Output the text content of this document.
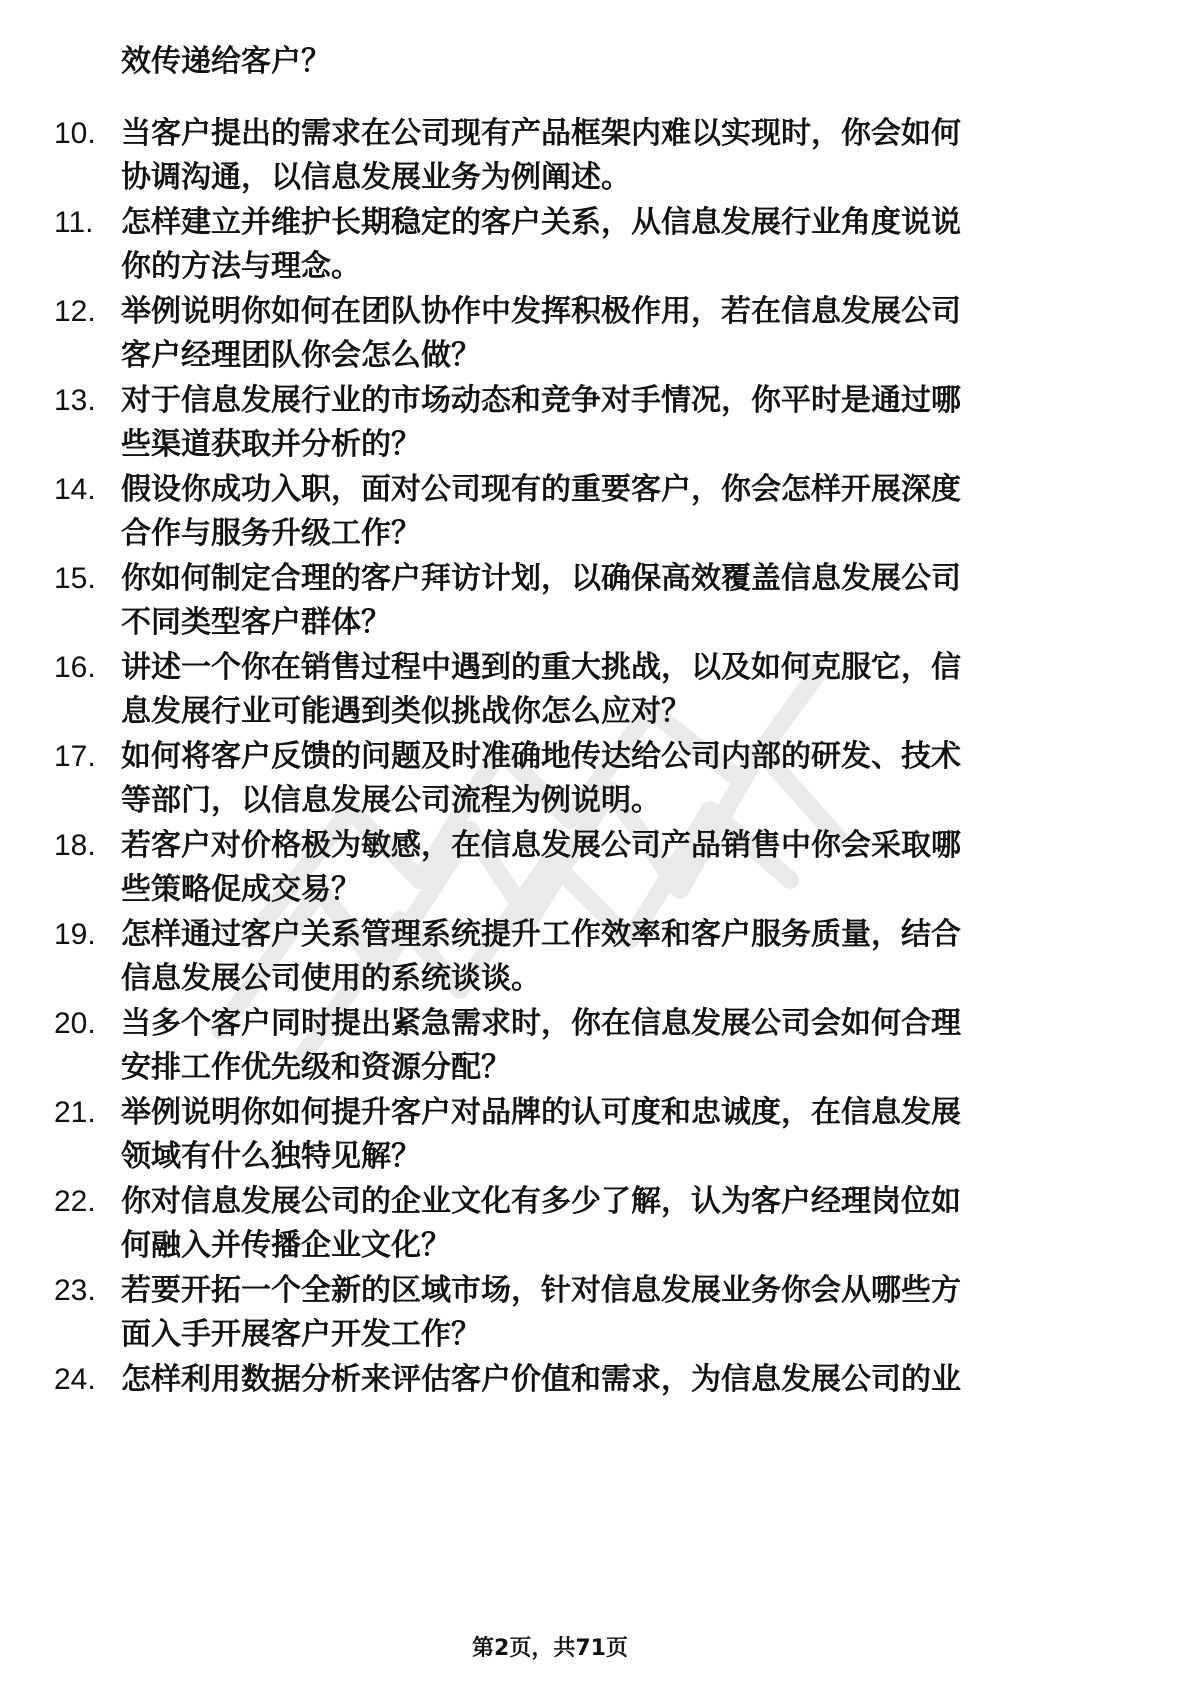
效传递给客户？
10. 当客户提出的需求在公司现有产品框架内难以实现时，你会如何
协调沟通，以信息发展业务为例阐述。
11. 怎样建立并维护长期稳定的客户关系，从信息发展行业角度说说
你的方法与理念。
12. 举例说明你如何在团队协作中发挥积极作用，若在信息发展公司
客户经理团队你会怎么做？
13. 对于信息发展行业的市场动态和竞争对手情况，你平时是通过哪
些渠道获取并分析的？
14. 假设你成功入职，面对公司现有的重要客户，你会怎样开展深度
合作与服务升级工作？
15. 你如何制定合理的客户拜访计划，以确保高效覆盖信息发展公司
不同类型客户群体？
16. 讲述一个你在销售过程中遇到的重大挑战，以及如何克服它，信
息发展行业可能遇到类似挑战你怎么应对？
17. 如何将客户反馈的问题及时准确地传达给公司内部的研发、技术
等部门，以信息发展公司流程为例说明。
18. 若客户对价格极为敏感，在信息发展公司产品销售中你会采取哪
些策略促成交易？
19. 怎样通过客户关系管理系统提升工作效率和客户服务质量，结合
信息发展公司使用的系统谈谈。
20. 当多个客户同时提出紧急需求时，你在信息发展公司会如何合理
安排工作优先级和资源分配？
21. 举例说明你如何提升客户对品牌的认可度和忠诚度，在信息发展
领域有什么独特见解？
22. 你对信息发展公司的企业文化有多少了解，认为客户经理岗位如
何融入并传播企业文化？
23. 若要开拓一个全新的区域市场，针对信息发展业务你会从哪些方
面入手开展客户开发工作？
24. 怎样利用数据分析来评估客户价值和需求，为信息发展公司的业
第2页，共71页
